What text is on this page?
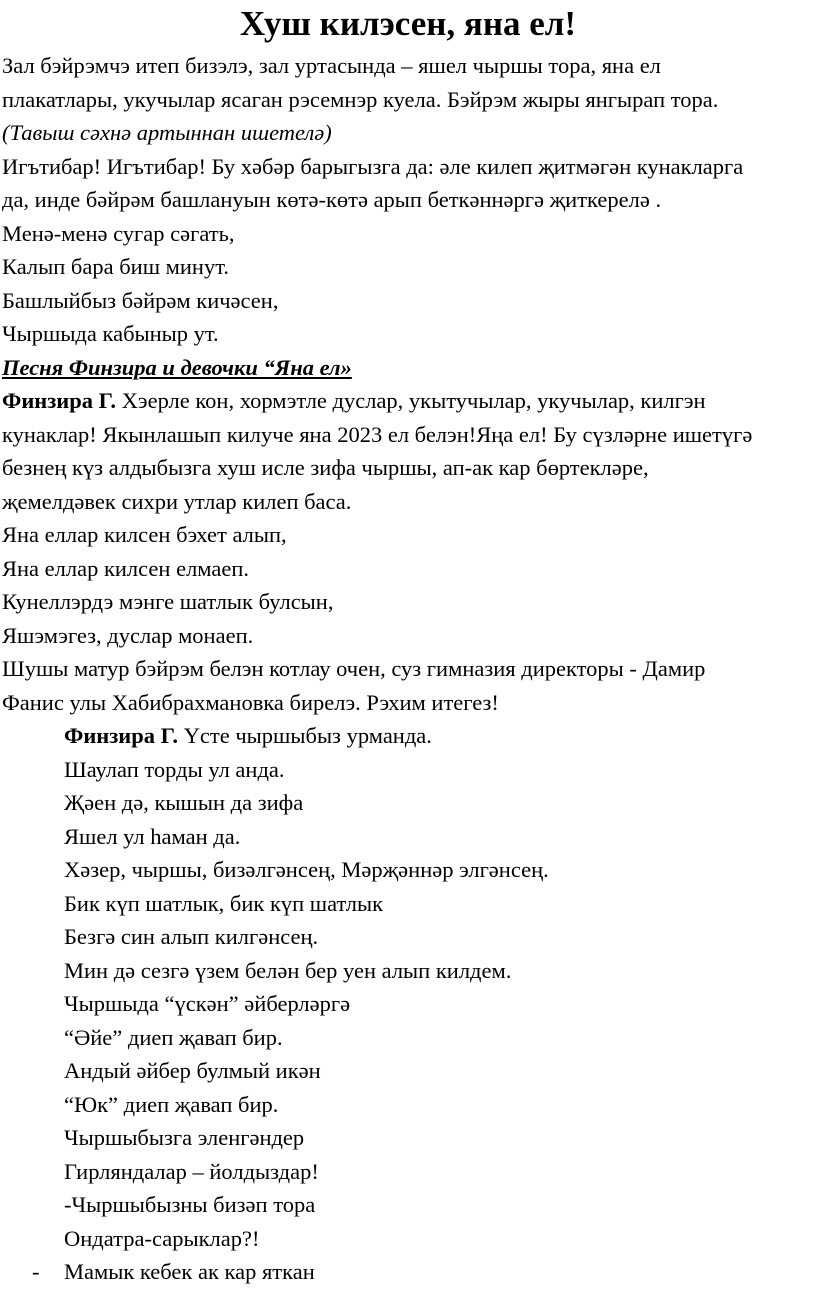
Хуш килэсен, яна ел!
Зал бэйрэмчэ итеп бизэлэ, зал уртасында – яшел чыршы тора, яна ел
плакатлары, укучылар ясаган рэсемнэр куела. Бэйрэм жыры янгырап тора.
(Тавыш сәхнә артыннан ишетелә)
Игътибар! Игътибар! Бу хәбәр барыгызга да: әле килеп җитмәгән кунакларга
да, инде бәйрәм башлануын көтә-көтә арып беткәннәргә җиткерелә .
Менә-менә сугар сәгать,
Калып бара биш минут.
Башлыйбыз бәйрәм кичәсен,
Чыршыда кабыныр ут.
Песня Финзира и девочки “Яна ел»
Финзира Г. Хэерле кон, хормэтле дуслар, укытучылар, укучылар, килгэн
кунаклар! Якынлашып килуче яна 2023 ел белэн!Яңа ел! Бу сүзләрне ишетүгә
безнең күз алдыбызга хуш исле зифа чыршы, ап-ак кар бөртекләре,
җемелдәвек сихри утлар килеп баса.
Яна еллар килсен бэхет алып,
Яна еллар килсен елмаеп.
Кунеллэрдэ мэнге шатлык булсын,
Яшэмэгез, дуслар монаеп.
Шушы матур бэйрэм белэн котлау очен, суз гимназия директоры - Дамир
Фанис улы Хабибрахмановка бирелэ. Рэхим итегез!
Финзира Г. Үсте чыршыбыз урманда.
Шаулап торды ул анда.
Җәен дә, кышын да зифа
Яшел ул һаман да.
Хәзер, чыршы, бизәлгәнсең, Мәрҗәннәр элгәнсең.
Бик күп шатлык, бик күп шатлык
Безгә син алып килгәнсең.
Мин дә сезгә үзем белән бер уен алып килдем.
Чыршыда “үскән” әйберләргә
“Әйе” диеп җавап бир.
Андый әйбер булмый икән
“Юк” диеп җавап бир.
Чыршыбызга эленгәндер
Гирляндалар – йолдыздар!
-Чыршыбызны бизәп тора
Ондатра-сарыклар?!
- Мамык кебек ак кар яткан
